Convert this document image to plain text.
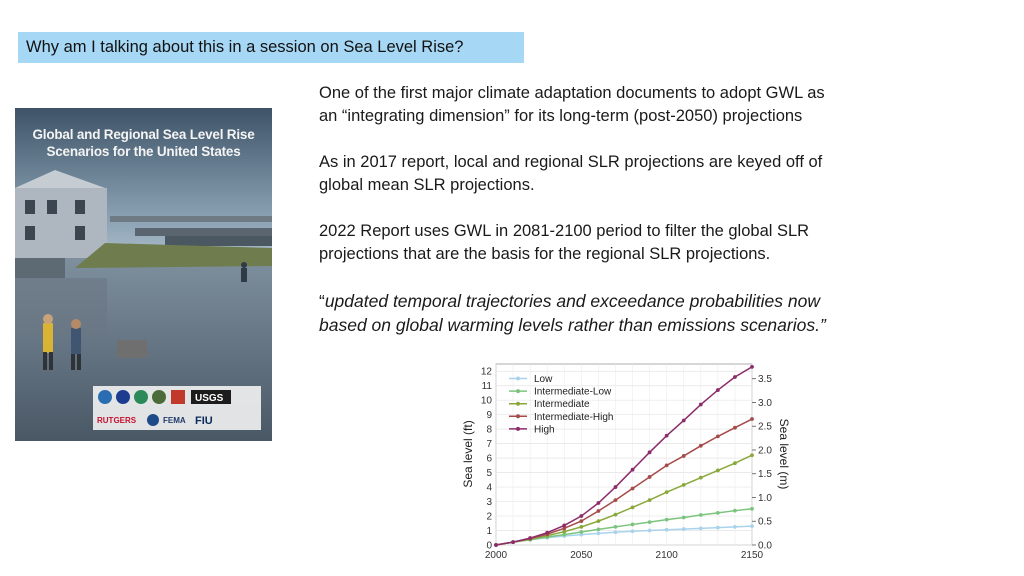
Why am I talking about this in a session on Sea Level Rise?
Global and Regional Sea Level Rise
Scenarios for the United States
USGS
RUTGERS	FEMA FIU
One of the first major climate adaptation documents to adopt GWL as
an “integrating dimension” for its long-term (post-2050) projections
As in 2017 report, local and regional SLR projections are keyed off of
global mean SLR projections.
2022 Report uses GWL in 2081-2100 period to filter the global SLR
projections that are the basis for the regional SLR projections.
“updated temporal trajectories and exceedance probabilities now
based on global warming levels rather than emissions scenarios.”
0
1
2
3
4
5
6
7
8
9
10
11
12
2000	2050	2100	2150
0.0
0.5
1.0
1.5
2.0
2.5
3.0
3.5
Low
Intermediate-Low
Intermediate
Intermediate-High
High
Sea level (ft)	Sea level (m)
